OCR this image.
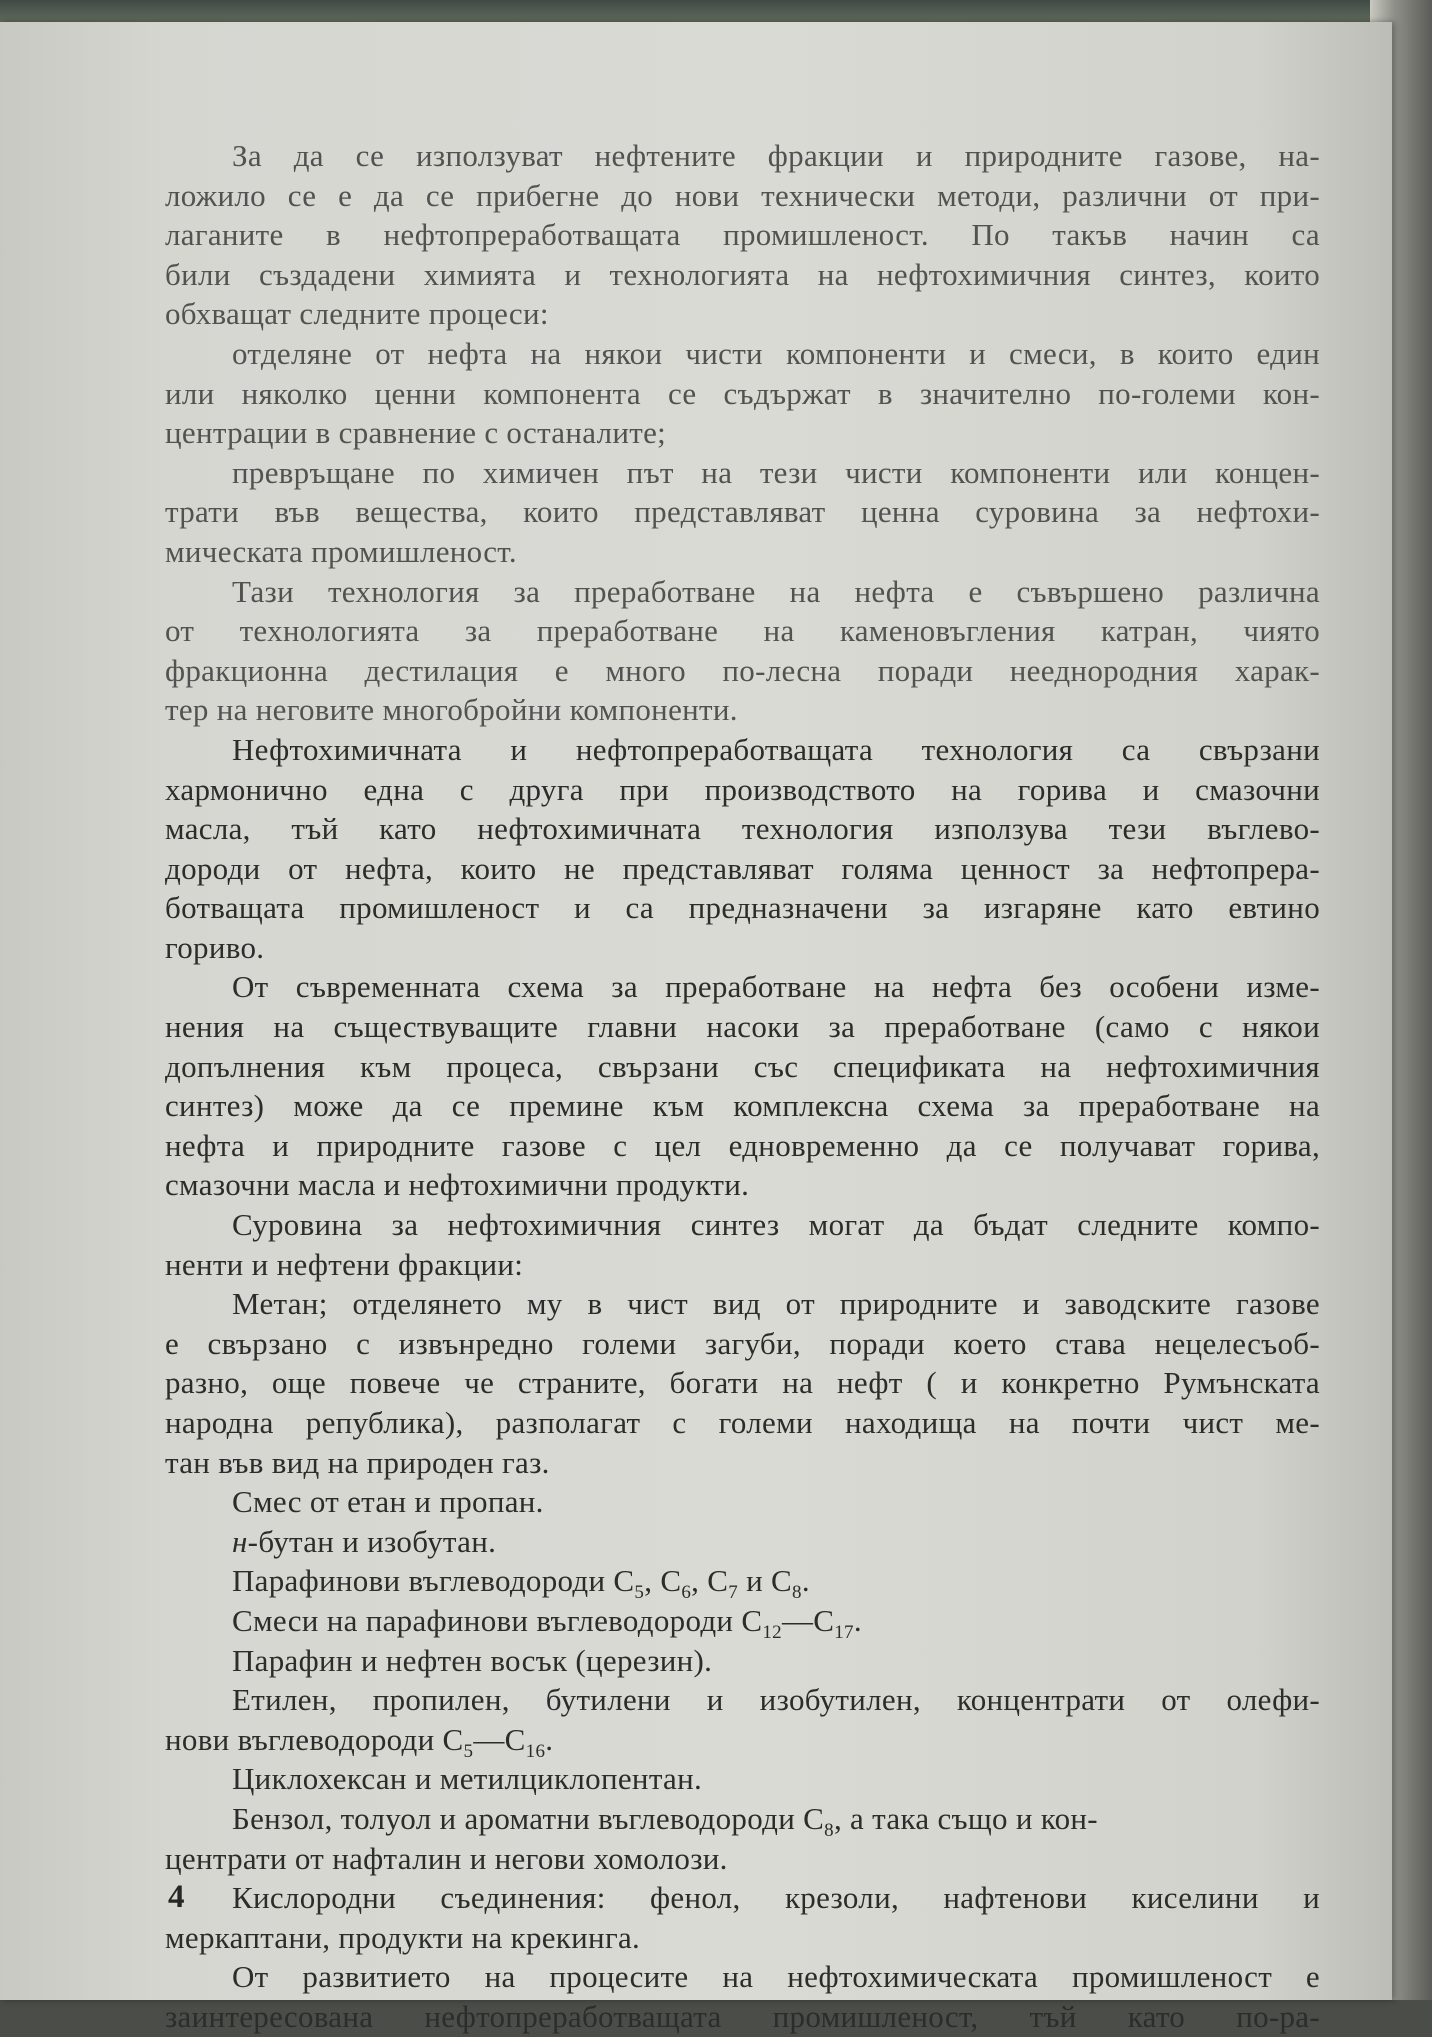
За да се използуват нефтените фракции и природните газове, на-
ложило се е да се прибегне до нови технически методи, различни от при-
лаганите в нефтопреработващата промишленост. По такъв начин са
били създадени химията и технологията на нефтохимичния синтез, които
обхващат следните процеси:
отделяне от нефта на някои чисти компоненти и смеси, в които един
или няколко ценни компонента се съдържат в значително по-големи кон-
центрации в сравнение с останалите;
превръщане по химичен път на тези чисти компоненти или концен-
трати във вещества, които представляват ценна суровина за нефтохи-
мическата промишленост.
Тази технология за преработване на нефта е съвършено различна
от технологията за преработване на каменовъгления катран, чиято
фракционна дестилация е много по-лесна поради нееднородния харак-
тер на неговите многобройни компоненти.
Нефтохимичната и нефтопреработващата технология са свързани
хармонично една с друга при производството на горива и смазочни
масла, тъй като нефтохимичната технология използува тези въглево-
дороди от нефта, които не представляват голяма ценност за нефтопрера-
ботващата промишленост и са предназначени за изгаряне като евтино
гориво.
От съвременната схема за преработване на нефта без особени изме-
нения на съществуващите главни насоки за преработване (само с някои
допълнения към процеса, свързани със спецификата на нефтохимичния
синтез) може да се премине към комплексна схема за преработване на
нефта и природните газове с цел едновременно да се получават горива,
смазочни масла и нефтохимични продукти.
Суровина за нефтохимичния синтез могат да бъдат следните компо-
ненти и нефтени фракции:
Метан; отделянето му в чист вид от природните и заводските газове
е свързано с извънредно големи загуби, поради което става нецелесъоб-
разно, още повече че страните, богати на нефт ( и конкретно Румънската
народна република), разполагат с големи находища на почти чист ме-
тан във вид на природен газ.
Смес от етан и пропан.
н-бутан и изобутан.
Парафинови въглеводороди $C_5$, $C_6$, $C_7$ и $C_8$.
Смеси на парафинови въглеводороди $C_{12}—C_{17}$.
Парафин и нефтен восък (церезин).
Етилен, пропилен, бутилени и изобутилен, концентрати от олефи-
нови въглеводороди $C_5—C_{16}$.
Циклохексан и метилциклопентан.
Бензол, толуол и ароматни въглеводороди $C_8$, а така също и кон-
центрати от нафталин и негови хомолози.
Кислородни съединения: фенол, крезоли, нафтенови киселини и
меркаптани, продукти на крекинга.
От развитието на процесите на нефтохимическата промишленост е
заинтересована нефтопреработващата промишленост, тъй като по-ра-
4
